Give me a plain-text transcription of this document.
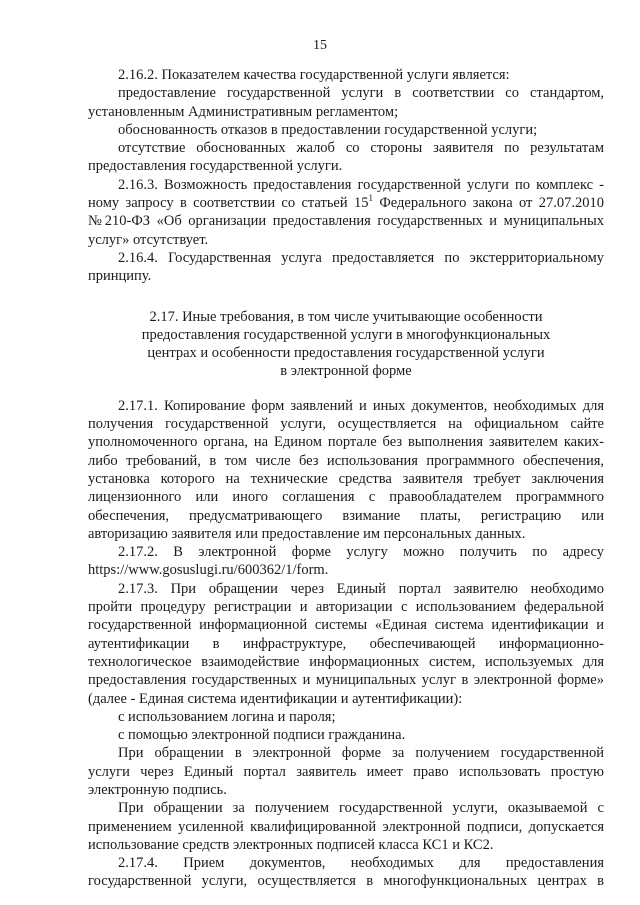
15
2.16.2. Показателем качества государственной услуги является:
предоставление государственной услуги в соответствии со стандартом,
установленным Административным регламентом;
обоснованность отказов в предоставлении государственной услуги;
отсутствие обоснованных жалоб со стороны заявителя по результатам
предоставления государственной услуги.
2.16.3. Возможность предоставления государственной услуги по комплекс -
ному запросу в соответствии со статьей $15^1$ Федерального закона от 27.07.2010
№210-ФЗ «Об организации предоставления государственных и муниципальных
услуг» отсутствует.
2.16.4. Государственная услуга предоставляется по экстерриториальному
принципу.
2.17. Иные требования, в том числе учитывающие особенности
предоставления государственной услуги в многофункциональных
центрах и особенности предоставления государственной услуги
в электронной форме
2.17.1. Копирование форм заявлений и иных документов, необходимых для
получения государственной услуги, осуществляется на официальном сайте
уполномоченного органа, на Едином портале без выполнения заявителем каких-
либо требований, в том числе без использования программного обеспечения,
установка которого на технические средства заявителя требует заключения
лицензионного или иного соглашения с правообладателем программного
обеспечения, предусматривающего взимание платы, регистрацию или
авторизацию заявителя или предоставление им персональных данных.
2.17.2. В электронной форме услугу можно получить по адресу
https://www.gosuslugi.ru/600362/1/form.
2.17.3. При обращении через Единый портал заявителю необходимо
пройти процедуру регистрации и авторизации с использованием федеральной
государственной информационной системы «Единая система идентификации и
аутентификации в инфраструктуре, обеспечивающей информационно-
технологическое взаимодействие информационных систем, используемых для
предоставления государственных и муниципальных услуг в электронной форме»
(далее - Единая система идентификации и аутентификации):
с использованием логина и пароля;
с помощью электронной подписи гражданина.
При обращении в электронной форме за получением государственной
услуги через Единый портал заявитель имеет право использовать простую
электронную подпись.
При обращении за получением государственной услуги, оказываемой с
применением усиленной квалифицированной электронной подписи, допускается
использование средств электронных подписей класса КС1 и КС2.
2.17.4. Прием документов, необходимых для предоставления
государственной услуги, осуществляется в многофункциональных центрах в
